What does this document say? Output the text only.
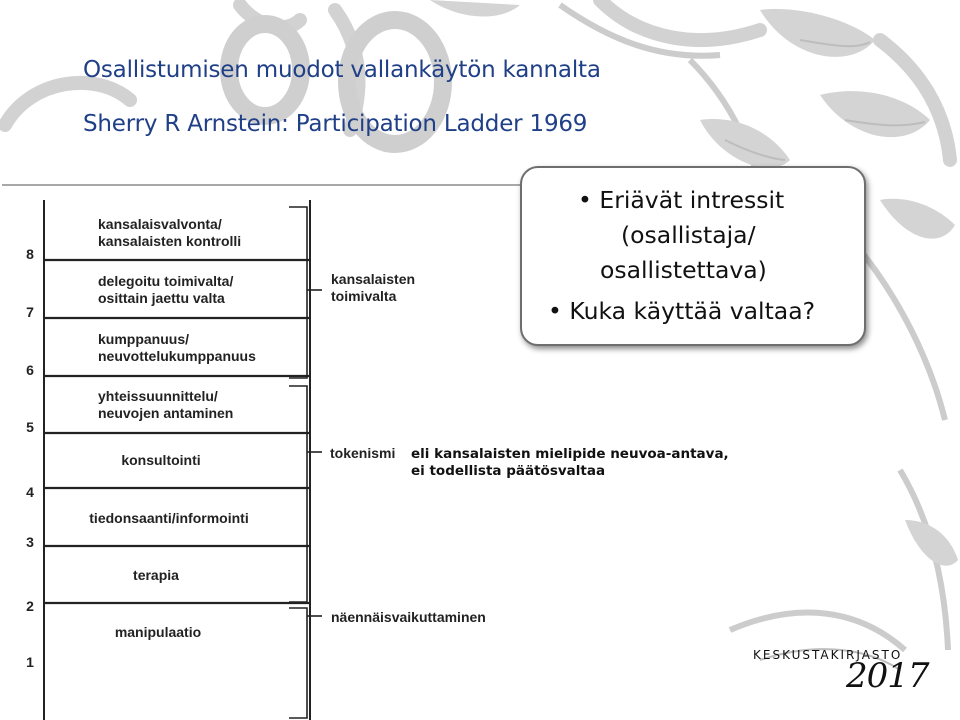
Osallistumisen muodot vallankäytön kannalta
Sherry R Arnstein: Participation Ladder 1969
8
7
6
5
4
3
2
1
kansalaisvalvonta/
kansalaisten kontrolli
delegoitu toimivalta/
osittain jaettu valta
kumppanuus/
neuvottelukumppanuus
yhteissuunnittelu/
neuvojen antaminen
konsultointi
tiedonsaanti/informointi
terapia
manipulaatio
kansalaisten
toimivalta
tokenismi
näennäisvaikuttaminen
eli kansalaisten mielipide neuvoa-antava,
ei todellista päätösvaltaa
• Eriävät intressit
(osallistaja/
osallistettava)
• Kuka käyttää valtaa?
KESKUSTAKIRJASTO
2017
